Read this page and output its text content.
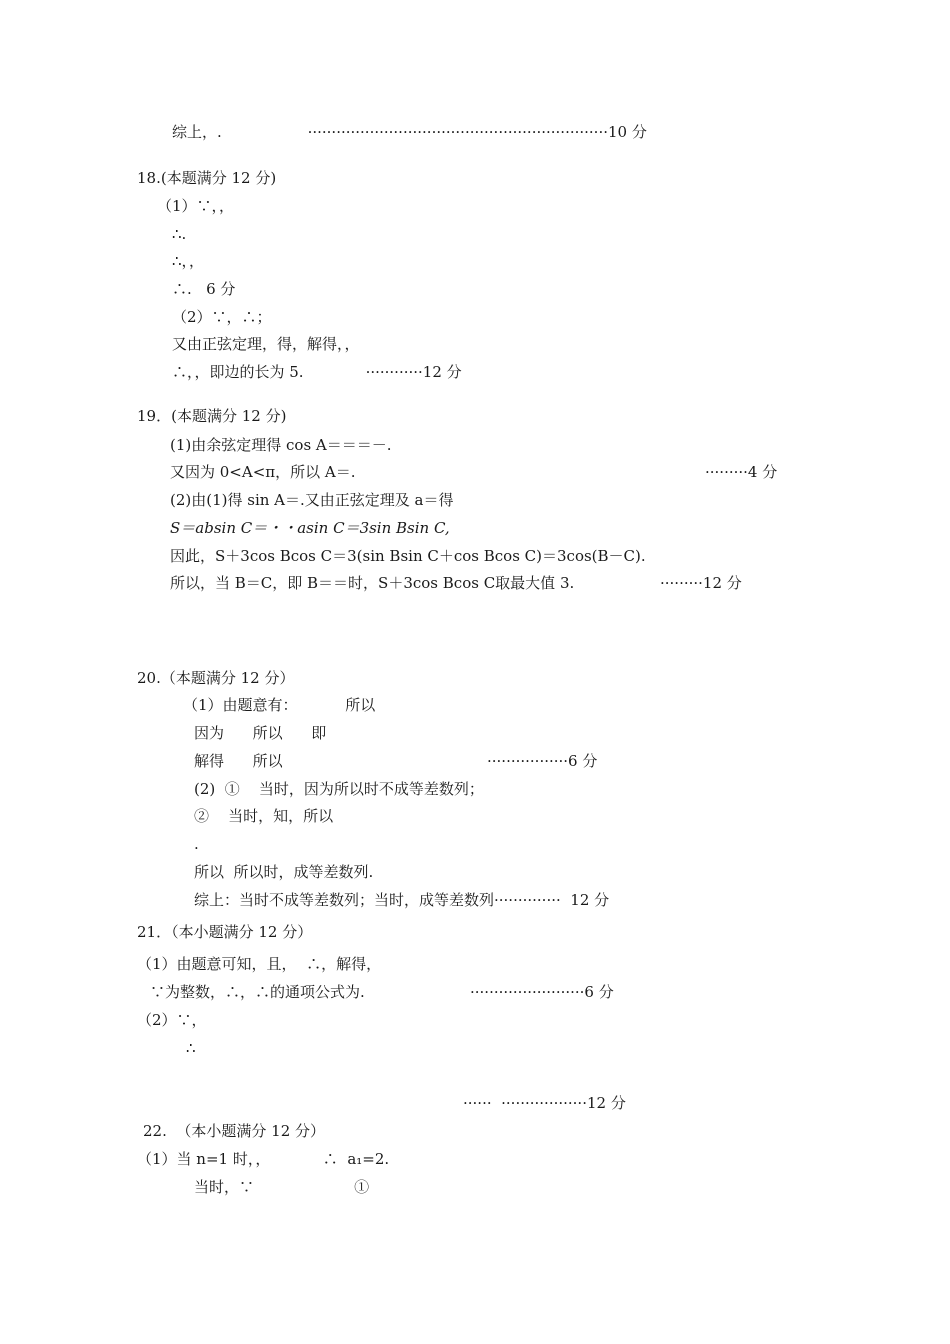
综上，.                  ·······························································10 分
18.(本题满分 12 分)
（1）∵，，
∴.
∴，，
∴.   6 分
（2）∵，∴；
又由正弦定理，得，解得，，
∴，，即边的长为 5.             ············12 分
19．(本题满分 12 分)
(1)由余弦定理得 cos A＝＝＝－.
又因为 0<A<π，所以 A＝.	·········4 分
(2)由(1)得 sin A＝.又由正弦定理及 a＝得
S＝absin C＝・・asin C＝3sin Bsin C,
因此，S＋3cos Bcos C＝3(sin Bsin C＋cos Bcos C)＝3cos(B－C).
所以，当 B＝C，即 B＝＝时，S＋3cos Bcos C取最大值 3.	·········12 分
20.（本题满分 12 分）
（1）由题意有：          所以
因为      所以      即
解得      所以	·················6 分
(2)  ①    当时，因为所以时不成等差数列；
②    当时，知，所以
.
所以  所以时，成等差数列.
综上：当时不成等差数列；当时，成等差数列··············  12 分
21．（本小题满分 12 分）
（1）由题意可知，且，  ∴，解得，
∵为整数，∴，∴的通项公式为.	························6 分
（2）∵，
∴
······  ··················12 分
22.  （本小题满分 12 分）
（1）当 n=1 时，，           ∴  a₁=2.
当时，∵                     ①
